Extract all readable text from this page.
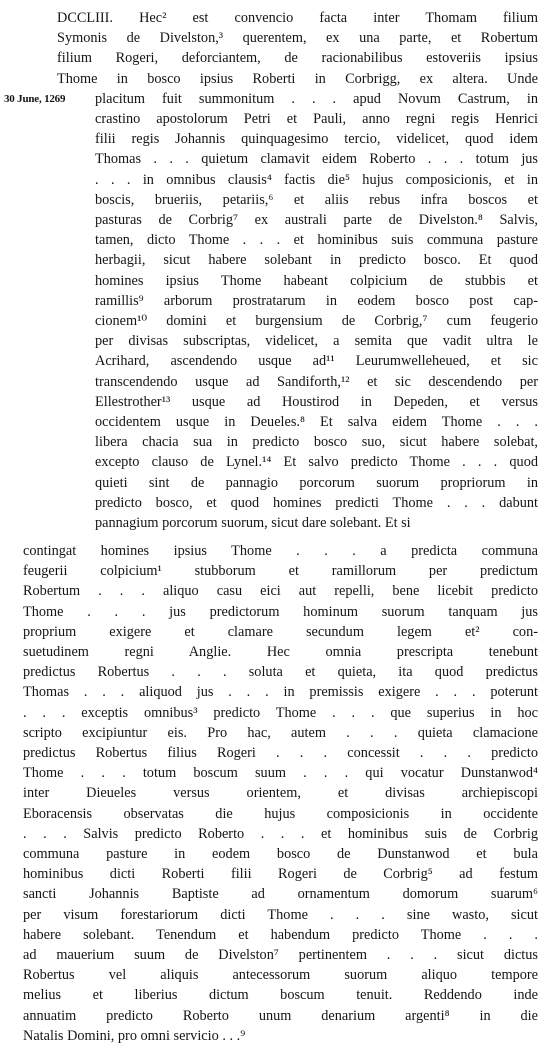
30 June, 1269
DCCLIII. Hec² est convencio facta inter Thomam filium
Symonis de Divelston,³ querentem, ex una parte, et Robertum
filium Rogeri, deforciantem, de racionabilibus estoveriis ipsius
Thome in bosco ipsius Roberti in Corbrigg, ex altera. Unde
placitum fuit summonitum . . . apud Novum Castrum, in
crastino apostolorum Petri et Pauli, anno regni regis Henrici
filii regis Johannis quinquagesimo tercio, videlicet, quod idem
Thomas . . . quietum clamavit eidem Roberto . . . totum jus
. . . in omnibus clausis⁴ factis die⁵ hujus composicionis, et in
boscis, brueriis, petariis,⁶ et aliis rebus infra boscos et
pasturas de Corbrig⁷ ex australi parte de Divelston.⁸ Salvis,
tamen, dicto Thome . . . et hominibus suis communa pasture
herbagii, sicut habere solebant in predicto bosco. Et quod
homines ipsius Thome habeant colpicium de stubbis et
ramillis⁹ arborum prostratarum in eodem bosco post cap-
cionem¹⁰ domini et burgensium de Corbrig,⁷ cum feugerio
per divisas subscriptas, videlicet, a semita que vadit ultra le
Acrihard, ascendendo usque ad¹¹ Leurumwelleheued, et sic
transcendendo usque ad Sandiforth,¹² et sic descendendo per
Ellestrother¹³ usque ad Houstirod in Depeden, et versus
occidentem usque in Deueles.⁸ Et salva eidem Thome . . .
libera chacia sua in predicto bosco suo, sicut habere solebat,
excepto clauso de Lynel.¹⁴ Et salvo predicto Thome . . . quod
quieti sint de pannagio porcorum suorum propriorum in
predicto bosco, et quod homines predicti Thome . . . dabunt
pannagium porcorum suorum, sicut dare solebant. Et si
contingat homines ipsius Thome . . . a predicta communa
feugerii colpicium¹ stubborum et ramillorum per predictum
Robertum . . . aliquo casu eici aut repelli, bene licebit predicto
Thome . . . jus predictorum hominum suorum tanquam jus
proprium exigere et clamare secundum legem et² con-
suetudinem regni Anglie. Hec omnia prescripta tenebunt
predictus Robertus . . . soluta et quieta, ita quod predictus
Thomas . . . aliquod jus . . . in premissis exigere . . . poterunt
. . . exceptis omnibus³ predicto Thome . . . que superius in hoc
scripto excipiuntur eis. Pro hac, autem . . . quieta clamacione
predictus Robertus filius Rogeri . . . concessit . . . predicto
Thome . . . totum boscum suum . . . qui vocatur Dunstanwod⁴
inter Dieueles versus orientem, et divisas archiepiscopi
Eboracensis observatas die hujus composicionis in occidente
. . . Salvis predicto Roberto . . . et hominibus suis de Corbrig
communa pasture in eodem bosco de Dunstanwod et bula
hominibus dicti Roberti filii Rogeri de Corbrig⁵ ad festum
sancti Johannis Baptiste ad ornamentum domorum suarum⁶
per visum forestariorum dicti Thome . . . sine wasto, sicut
habere solebant. Tenendum et habendum predicto Thome . . .
ad mauerium suum de Divelston⁷ pertinentem . . . sicut dictus
Robertus vel aliquis antecessorum suorum aliquo tempore
melius et liberius dictum boscum tenuit. Reddendo inde
annuatim predicto Roberto unum denarium argenti⁸ in die
Natalis Domini, pro omni servicio . . .⁹
